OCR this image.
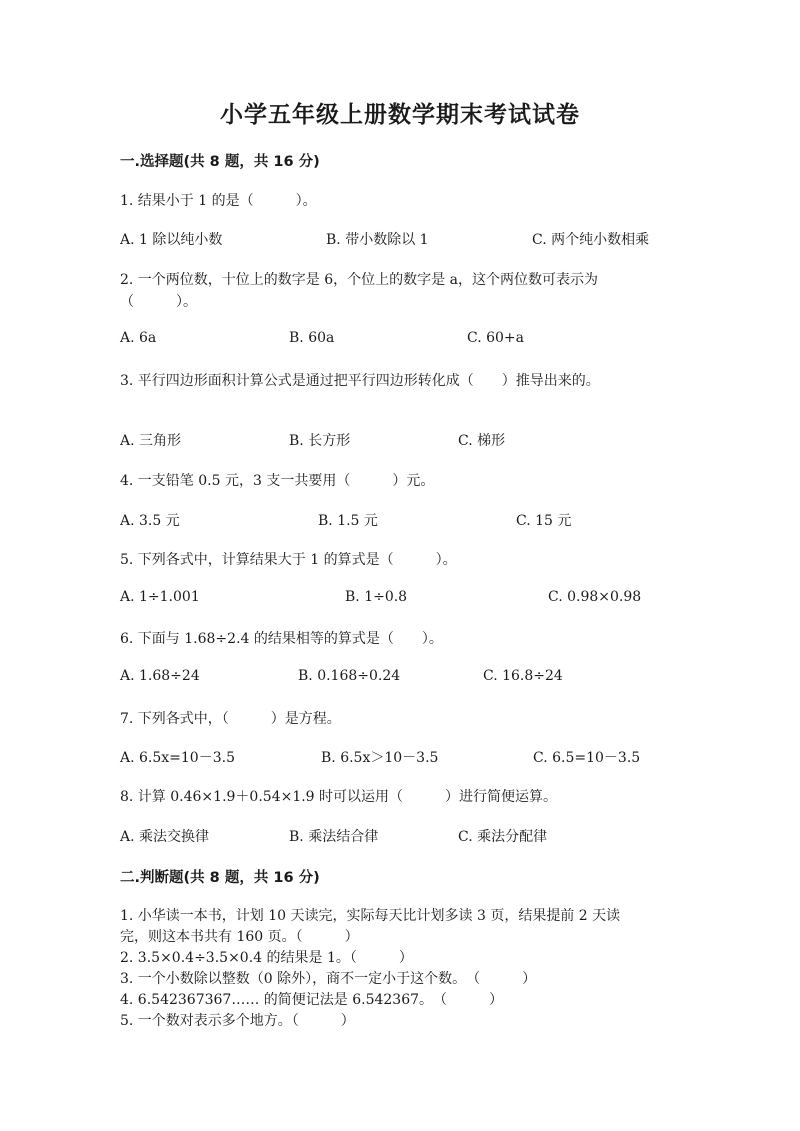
小学五年级上册数学期末考试试卷
一.选择题(共 8 题，共 16 分)
1. 结果小于 1 的是（　　　）。
A. 1 除以纯小数	B. 带小数除以 1	C. 两个纯小数相乘
2. 一个两位数，十位上的数字是 6，个位上的数字是 a，这个两位数可表示为
（　　　）。
A. 6a	B. 60a	C. 60+a
3. 平行四边形面积计算公式是通过把平行四边形转化成（　　）推导出来的。
A. 三角形	B. 长方形	C. 梯形
4. 一支铅笔 0.5 元，3 支一共要用（　　　）元。
A. 3.5 元	B. 1.5 元	C. 15 元
5. 下列各式中，计算结果大于 1 的算式是（　　　）。
A. 1÷1.001	B. 1÷0.8	C. 0.98×0.98
6. 下面与 1.68÷2.4 的结果相等的算式是（　　）。
A. 1.68÷24	B. 0.168÷0.24	C. 16.8÷24
7. 下列各式中，（　　　）是方程。
A. 6.5x=10－3.5	B. 6.5x＞10－3.5	C. 6.5=10－3.5
8. 计算 0.46×1.9＋0.54×1.9 时可以运用（　　　）进行简便运算。
A. 乘法交换律	B. 乘法结合律	C. 乘法分配律
二.判断题(共 8 题，共 16 分)
1. 小华读一本书，计划 10 天读完，实际每天比计划多读 3 页，结果提前 2 天读
完，则这本书共有 160 页。（　　　）
2. 3.5×0.4÷3.5×0.4 的结果是 1。（　　　）
3. 一个小数除以整数（0 除外），商不一定小于这个数。　（　　　）
4. 6.542367367…… 的简便记法是 6.542367。　（　　　）
5. 一个数对表示多个地方。（　　　）
